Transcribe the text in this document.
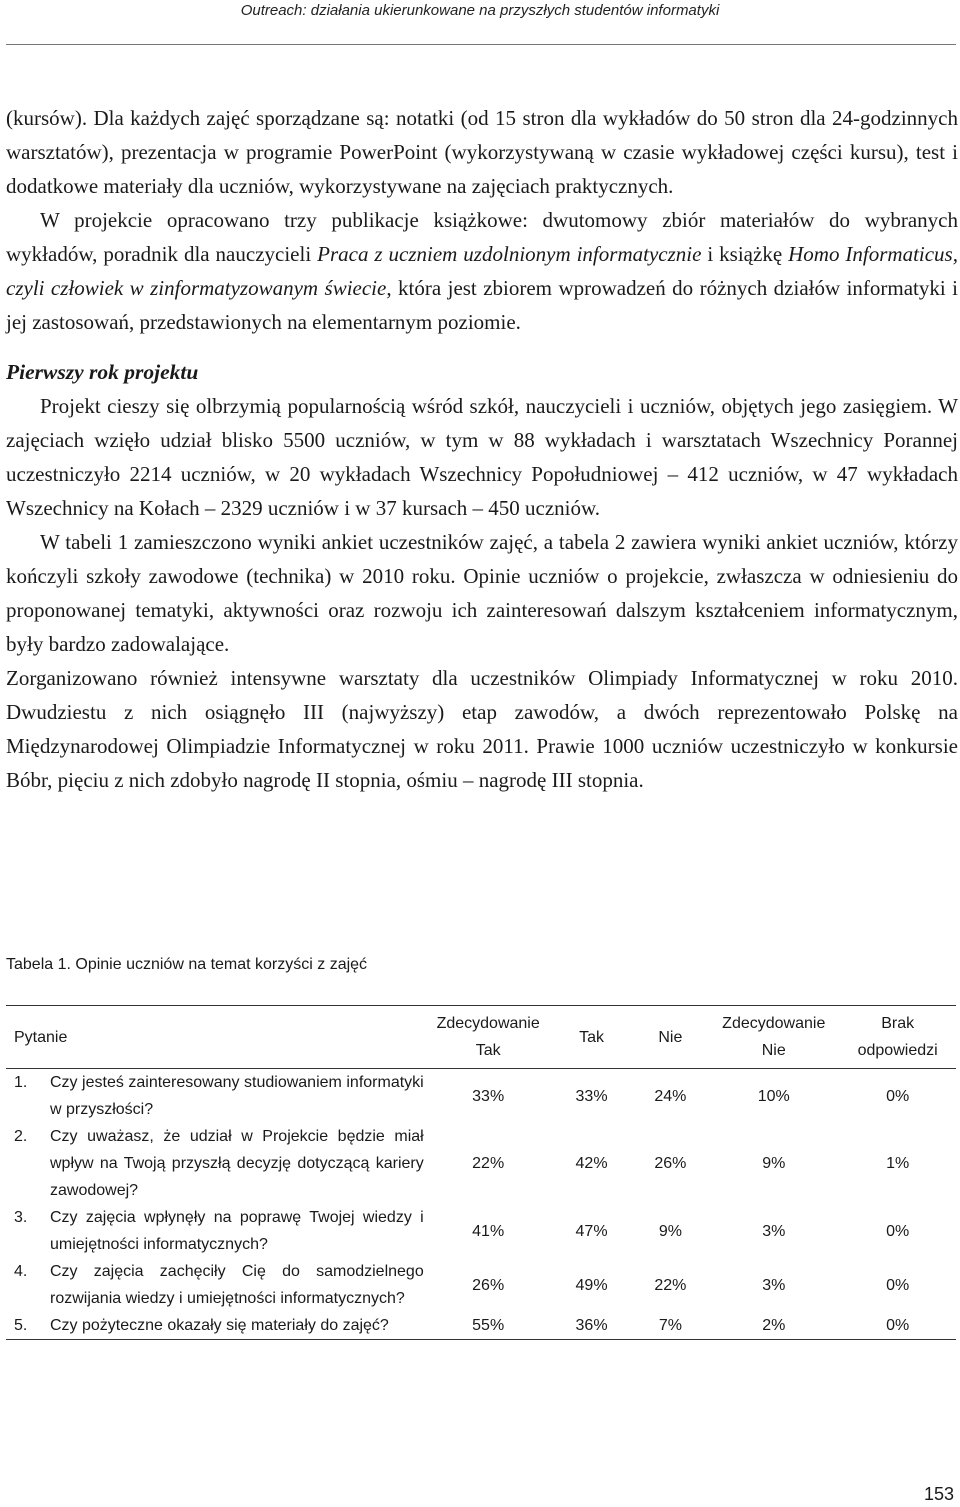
Outreach: działania ukierunkowane na przyszłych studentów informatyki

(kursów). Dla każdych zajęć sporządzane są: notatki (od 15 stron dla wykładów do 50 stron dla 24-godzinnych warsztatów), prezentacja w programie PowerPoint (wykorzystywaną w czasie wykładowej części kursu), test i dodatkowe materiały dla uczniów, wykorzystywane na zajęciach praktycznych.

W projekcie opracowano trzy publikacje książkowe: dwutomowy zbiór materiałów do wybranych wykładów, poradnik dla nauczycieli Praca z uczniem uzdolnionym informatycznie i książkę Homo Informaticus, czyli człowiek w zinformatyzowanym świecie, która jest zbiorem wprowadzeń do różnych działów informatyki i jej zastosowań, przedstawionych na elementarnym poziomie.

Pierwszy rok projektu

Projekt cieszy się olbrzymią popularnością wśród szkół, nauczycieli i uczniów, objętych jego zasięgiem. W zajęciach wzięło udział blisko 5500 uczniów, w tym w 88 wykładach i warsztatach Wszechnicy Porannej uczestniczyło 2214 uczniów, w 20 wykładach Wszechnicy Popołudniowej – 412 uczniów, w 47 wykładach Wszechnicy na Kołach – 2329 uczniów i w 37 kursach – 450 uczniów.

W tabeli 1 zamieszczono wyniki ankiet uczestników zajęć, a tabela 2 zawiera wyniki ankiet uczniów, którzy kończyli szkoły zawodowe (technika) w 2010 roku. Opinie uczniów o projekcie, zwłaszcza w odniesieniu do proponowanej tematyki, aktywności oraz rozwoju ich zainteresowań dalszym kształceniem informatycznym, były bardzo zadowalające.

Zorganizowano również intensywne warsztaty dla uczestników Olimpiady Informatycznej w roku 2010. Dwudziestu z nich osiągnęło III (najwyższy) etap zawodów, a dwóch reprezentowało Polskę na Międzynarodowej Olimpiadzie Informatycznej w roku 2011. Prawie 1000 uczniów uczestniczyło w konkursie Bóbr, pięciu z nich zdobyło nagrodę II stopnia, ośmiu – nagrodę III stopnia.

Tabela 1. Opinie uczniów na temat korzyści z zajęć
Pytanie	Zdecydowanie Tak	Tak	Nie	Zdecydowanie Nie	Brak odpowiedzi

1. Czy jesteś zainteresowany studiowaniem informatyki w przyszłości?	33%	33%	24%	10%	0%

2. Czy uważasz, że udział w Projekcie będzie miał wpływ na Twoją przyszłą decyzję dotyczącą kariery zawodowej?	22%	42%	26%	9%	1%

3. Czy zajęcia wpłynęły na poprawę Twojej wiedzy i umiejętności informatycznych?	41%	47%	9%	3%	0%

4. Czy zajęcia zachęciły Cię do samodzielnego rozwijania wiedzy i umiejętności informatycznych?	26%	49%	22%	3%	0%

5. Czy pożyteczne okazały się materiały do zajęć?	55%	36%	7%	2%	0%
153
